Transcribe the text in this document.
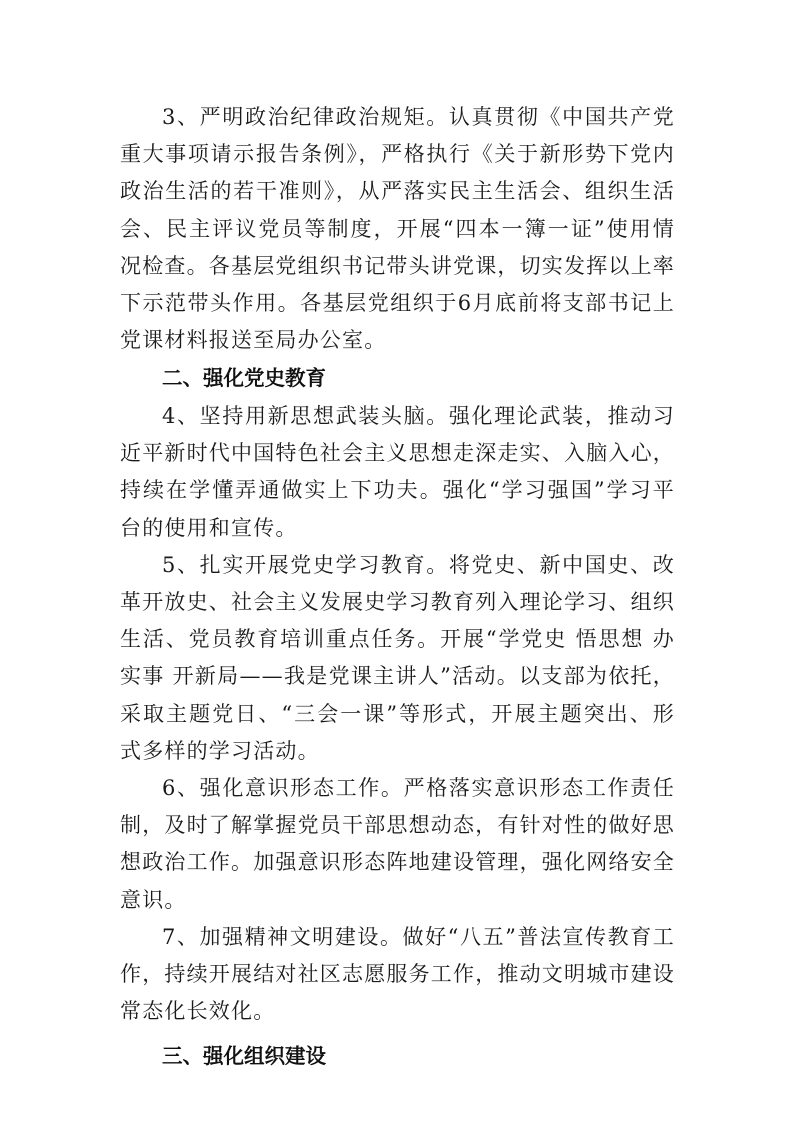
3、严明政治纪律政治规矩。认真贯彻《中国共产党重大事项请示报告条例》，严格执行《关于新形势下党内政治生活的若干准则》，从严落实民主生活会、组织生活会、民主评议党员等制度，开展“四本一簿一证”使用情况检查。各基层党组织书记带头讲党课，切实发挥以上率下示范带头作用。各基层党组织于6月底前将支部书记上党课材料报送至局办公室。

二、强化党史教育

4、坚持用新思想武装头脑。强化理论武装，推动习近平新时代中国特色社会主义思想走深走实、入脑入心，持续在学懂弄通做实上下功夫。强化“学习强国”学习平台的使用和宣传。

5、扎实开展党史学习教育。将党史、新中国史、改革开放史、社会主义发展史学习教育列入理论学习、组织生活、党员教育培训重点任务。开展“学党史 悟思想 办实事 开新局——我是党课主讲人”活动。以支部为依托，采取主题党日、“三会一课”等形式，开展主题突出、形式多样的学习活动。

6、强化意识形态工作。严格落实意识形态工作责任制，及时了解掌握党员干部思想动态，有针对性的做好思想政治工作。加强意识形态阵地建设管理，强化网络安全意识。

7、加强精神文明建设。做好“八五”普法宣传教育工作，持续开展结对社区志愿服务工作，推动文明城市建设常态化长效化。

三、强化组织建设
